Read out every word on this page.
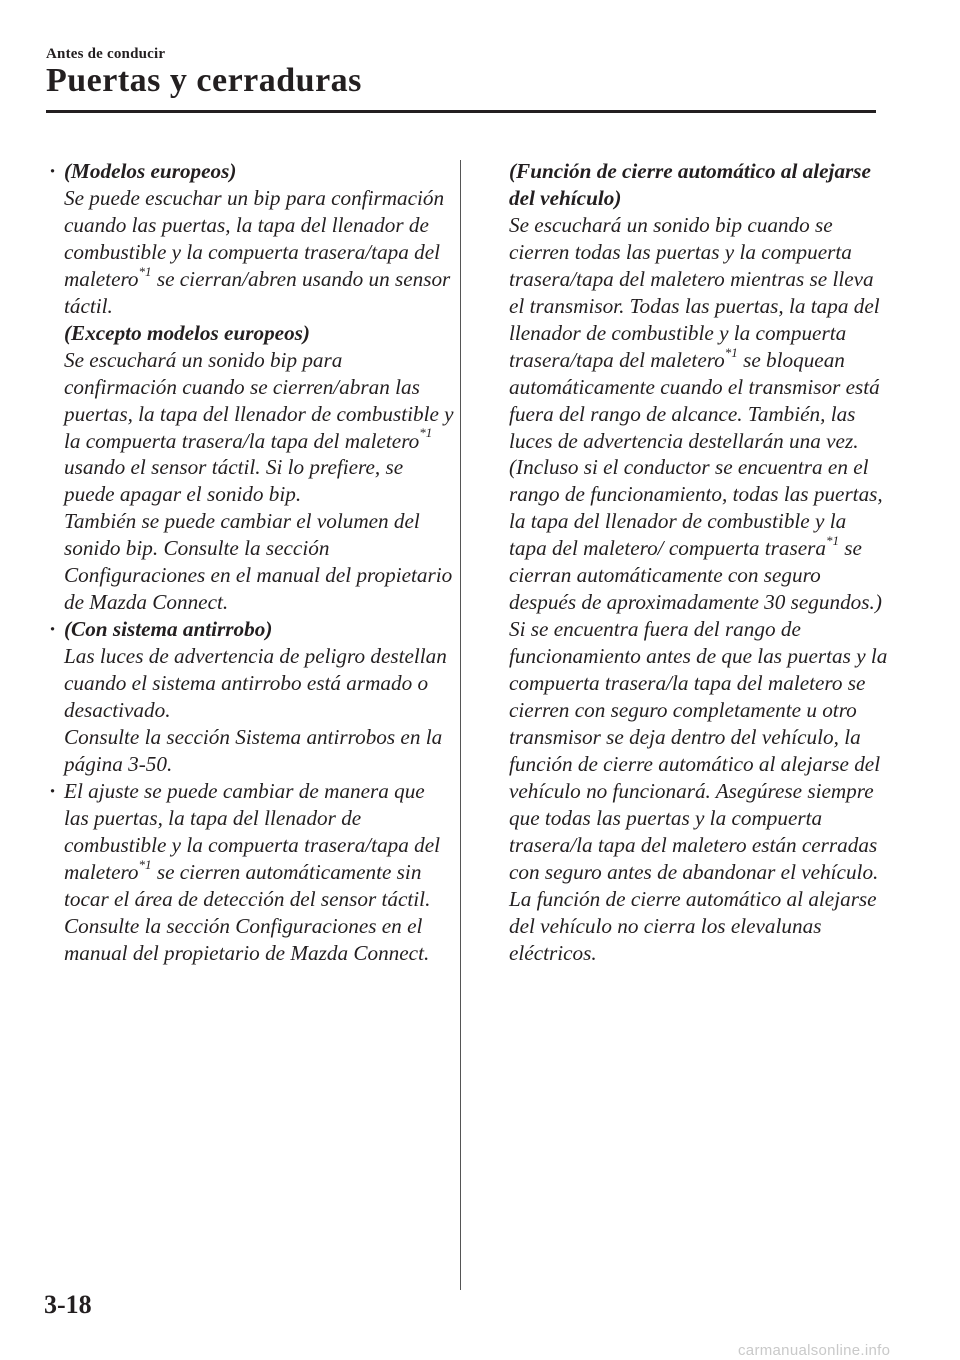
Antes de conducir
Puertas y cerraduras

· (Modelos europeos)
Se puede escuchar un bip para confirmación cuando las puertas, la tapa del llenador de combustible y la compuerta trasera/tapa del maletero$^{*1}$ se cierran/abren usando un sensor táctil.
(Excepto modelos europeos)
Se escuchará un sonido bip para confirmación cuando se cierren/abran las puertas, la tapa del llenador de combustible y la compuerta trasera/la tapa del maletero$^{*1}$ usando el sensor táctil. Si lo prefiere, se puede apagar el sonido bip.
También se puede cambiar el volumen del sonido bip. Consulte la sección Configuraciones en el manual del propietario de Mazda Connect.

· (Con sistema antirrobo)
Las luces de advertencia de peligro destellan cuando el sistema antirrobo está armado o desactivado.
Consulte la sección Sistema antirrobos en la página 3-50.

· El ajuste se puede cambiar de manera que las puertas, la tapa del llenador de combustible y la compuerta trasera/tapa del maletero$^{*1}$ se cierren automáticamente sin tocar el área de detección del sensor táctil.
Consulte la sección Configuraciones en el manual del propietario de Mazda Connect.

(Función de cierre automático al alejarse del vehículo)
Se escuchará un sonido bip cuando se cierren todas las puertas y la compuerta trasera/tapa del maletero mientras se lleva el transmisor. Todas las puertas, la tapa del llenador de combustible y la compuerta trasera/tapa del maletero$^{*1}$ se bloquean automáticamente cuando el transmisor está fuera del rango de alcance. También, las luces de advertencia destellarán una vez. (Incluso si el conductor se encuentra en el rango de funcionamiento, todas las puertas, la tapa del llenador de combustible y la tapa del maletero/ compuerta trasera$^{*1}$ se cierran automáticamente con seguro después de aproximadamente 30 segundos.) Si se encuentra fuera del rango de funcionamiento antes de que las puertas y la compuerta trasera/la tapa del maletero se cierren con seguro completamente u otro transmisor se deja dentro del vehículo, la función de cierre automático al alejarse del vehículo no funcionará. Asegúrese siempre que todas las puertas y la compuerta trasera/la tapa del maletero están cerradas con seguro antes de abandonar el vehículo. La función de cierre automático al alejarse del vehículo no cierra los elevalunas eléctricos.

3-18
carmanualsonline.info
